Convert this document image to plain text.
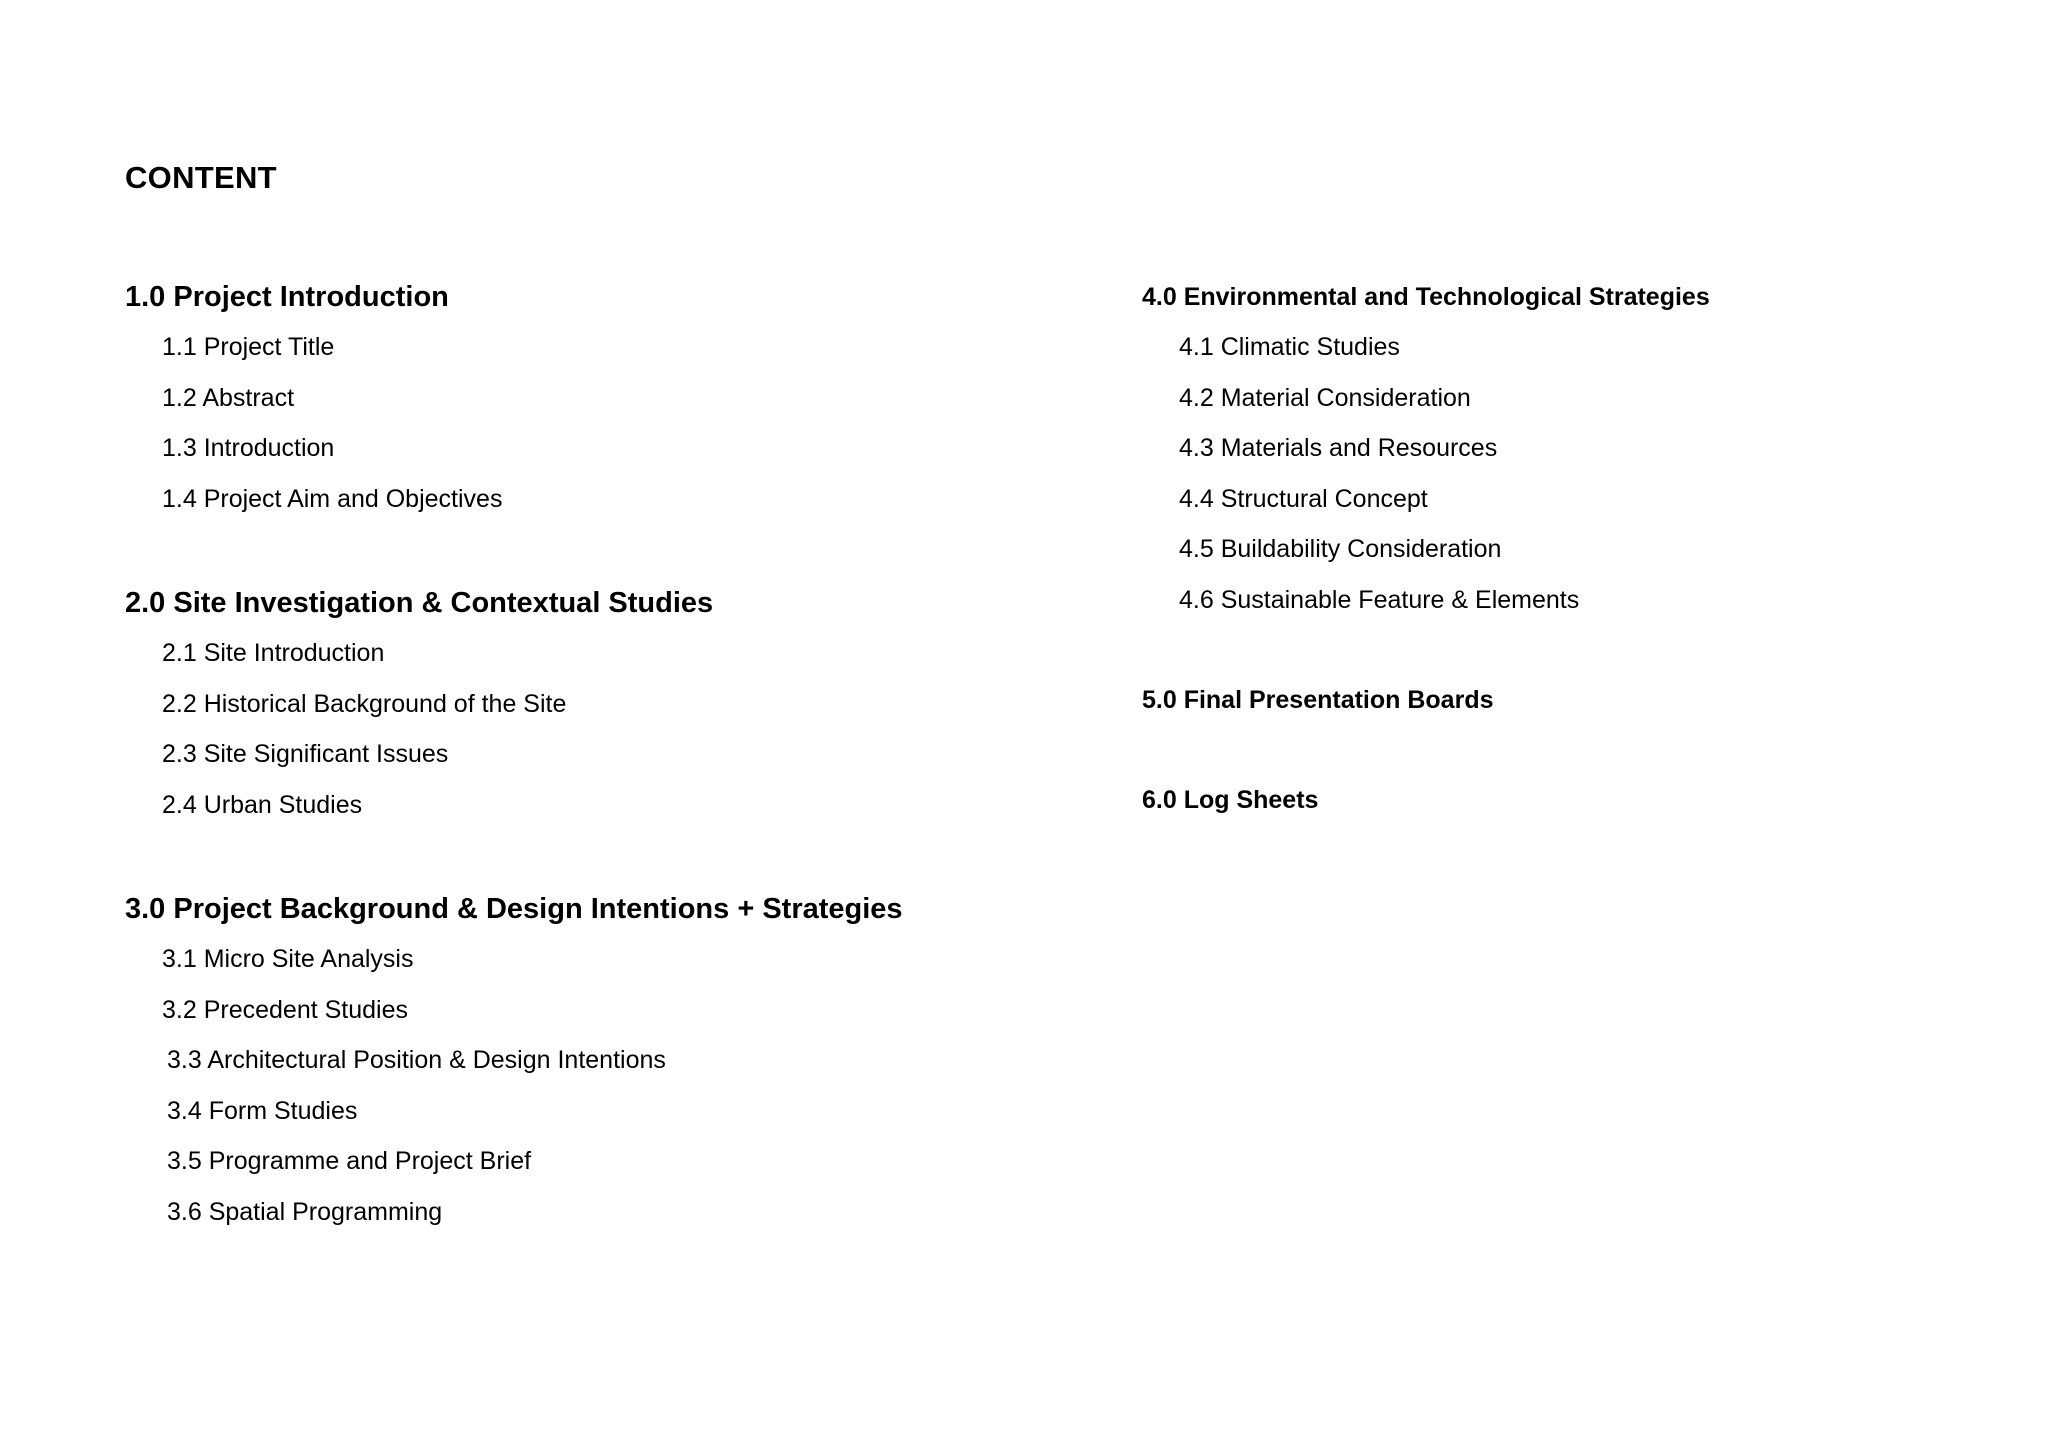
CONTENT
1.0 Project Introduction
1.1 Project Title
1.2 Abstract
1.3 Introduction
1.4 Project Aim and Objectives
2.0 Site Investigation & Contextual Studies
2.1 Site Introduction
2.2 Historical Background of the Site
2.3 Site Significant Issues
2.4 Urban Studies
3.0 Project Background & Design Intentions + Strategies
3.1 Micro Site Analysis
3.2 Precedent Studies
3.3 Architectural Position & Design Intentions
3.4 Form Studies
3.5 Programme and Project Brief
3.6 Spatial Programming
4.0 Environmental and Technological Strategies
4.1 Climatic Studies
4.2 Material Consideration
4.3 Materials and Resources
4.4 Structural Concept
4.5 Buildability Consideration
4.6 Sustainable Feature & Elements
5.0 Final Presentation Boards
6.0 Log Sheets
